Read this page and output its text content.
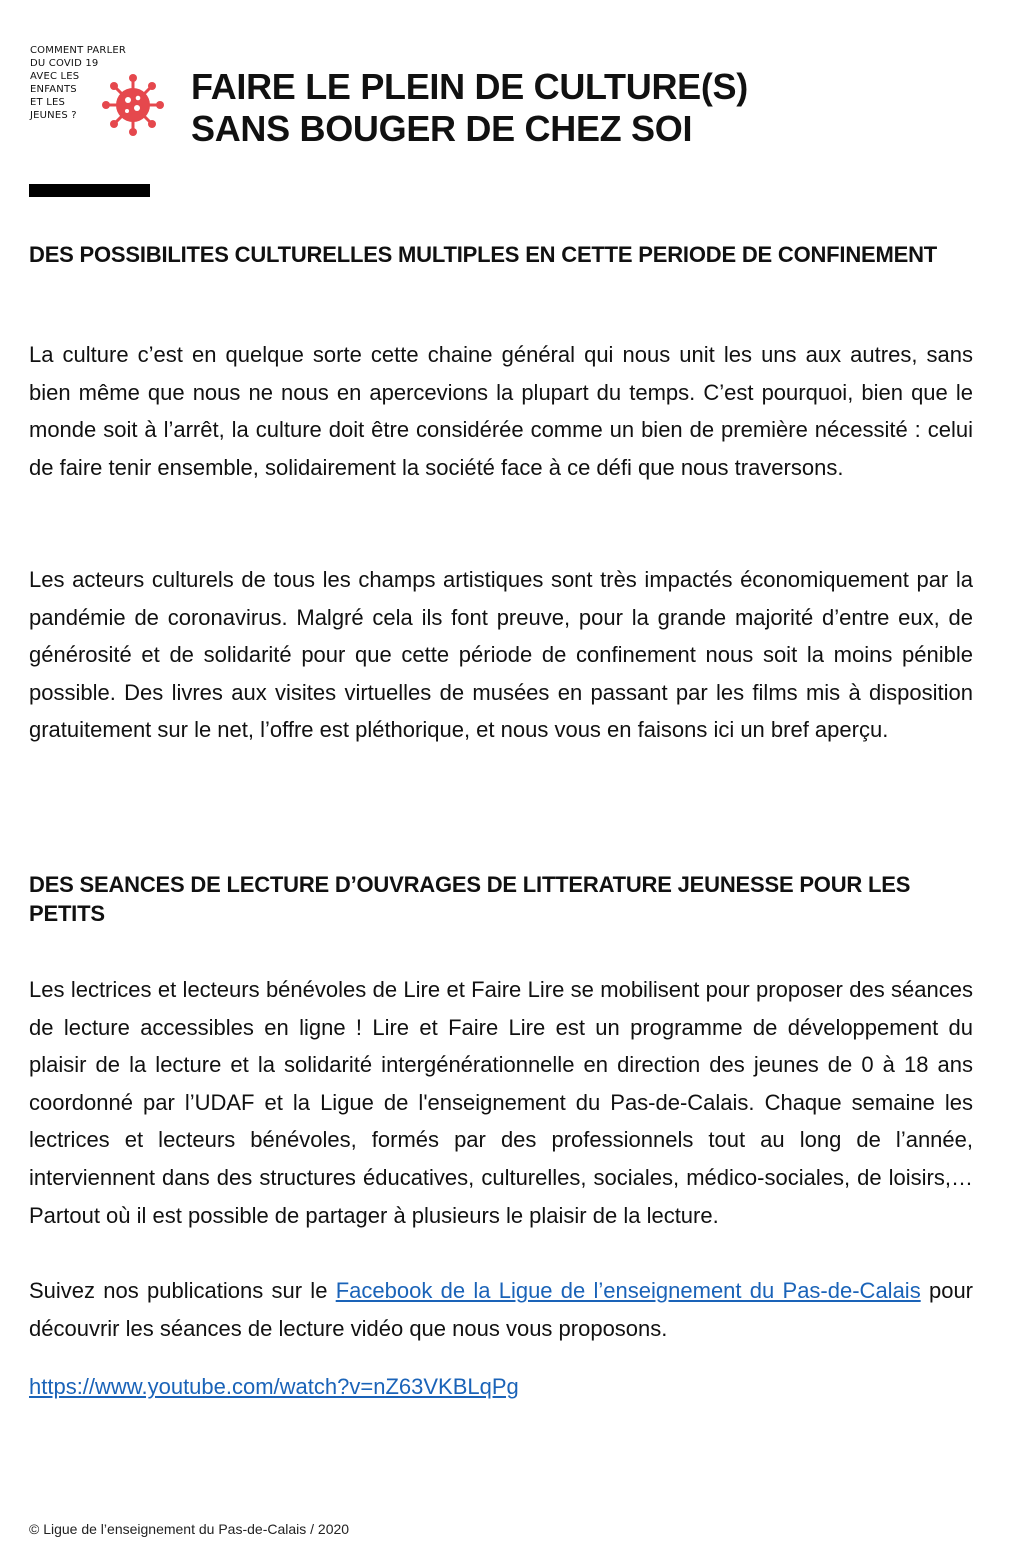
COMMENT PARLER
DU COVID 19
AVEC LES
ENFANTS
ET LES
JEUNES ?
FAIRE LE PLEIN DE CULTURE(S)
SANS BOUGER DE CHEZ SOI
DES POSSIBILITES CULTURELLES MULTIPLES EN CETTE PERIODE DE CONFINEMENT

La culture c’est en quelque sorte cette chaine général qui nous unit les uns aux autres, sans bien même que nous ne nous en apercevions la plupart du temps. C’est pourquoi, bien que le monde soit à l’arrêt, la culture doit être considérée comme un bien de première nécessité : celui de faire tenir ensemble, solidairement la société face à ce défi que nous traversons.

Les acteurs culturels de tous les champs artistiques sont très impactés économiquement par la pandémie de coronavirus. Malgré cela ils font preuve, pour la grande majorité d’entre eux, de générosité et de solidarité pour que cette période de confinement nous soit la moins pénible possible. Des livres aux visites virtuelles de musées en passant par les films mis à disposition gratuitement sur le net, l’offre est pléthorique, et nous vous en faisons ici un bref aperçu.

DES SEANCES DE LECTURE D’OUVRAGES DE LITTERATURE JEUNESSE POUR LES PETITS

Les lectrices et lecteurs bénévoles de Lire et Faire Lire se mobilisent pour proposer des séances de lecture accessibles en ligne ! Lire et Faire Lire est un programme de développement du plaisir de la lecture et la solidarité intergénérationnelle en direction des jeunes de 0 à 18 ans coordonné par l’UDAF et la Ligue de l'enseignement du Pas-de-Calais. Chaque semaine les lectrices et lecteurs bénévoles, formés par des professionnels tout au long de l’année, interviennent dans des structures éducatives, culturelles, sociales, médico-sociales, de loisirs,… Partout où il est possible de partager à plusieurs le plaisir de la lecture.

Suivez nos publications sur le Facebook de la Ligue de l’enseignement du Pas-de-Calais pour découvrir les séances de lecture vidéo que nous vous proposons.

https://www.youtube.com/watch?v=nZ63VKBLqPg

© Ligue de l’enseignement du Pas-de-Calais / 2020
